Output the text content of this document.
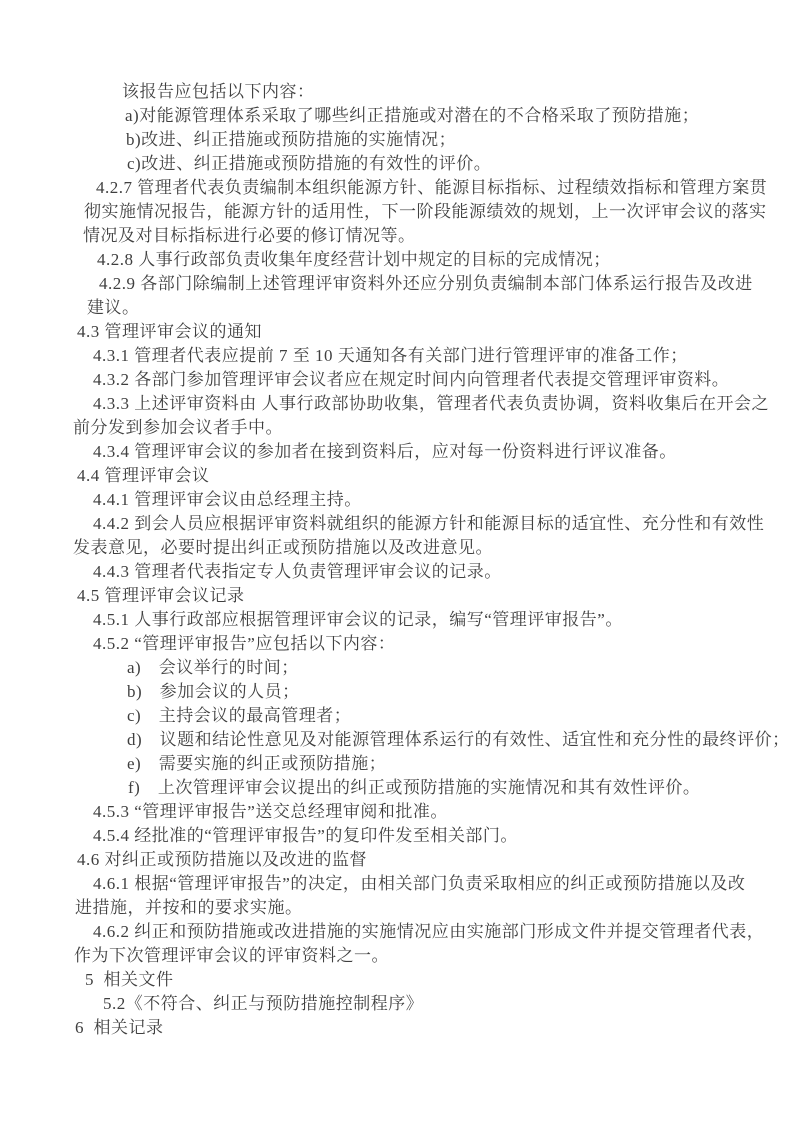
该报告应包括以下内容：
a)对能源管理体系采取了哪些纠正措施或对潜在的不合格采取了预防措施；
b)改进、纠正措施或预防措施的实施情况；
c)改进、纠正措施或预防措施的有效性的评价。
4.2.7 管理者代表负责编制本组织能源方针、能源目标指标、过程绩效指标和管理方案贯
彻实施情况报告，能源方针的适用性，下一阶段能源绩效的规划，上一次评审会议的落实
情况及对目标指标进行必要的修订情况等。
4.2.8 人事行政部负责收集年度经营计划中规定的目标的完成情况；
4.2.9 各部门除编制上述管理评审资料外还应分别负责编制本部门体系运行报告及改进
建议。
4.3 管理评审会议的通知
4.3.1 管理者代表应提前 7 至 10 天通知各有关部门进行管理评审的准备工作；
4.3.2 各部门参加管理评审会议者应在规定时间内向管理者代表提交管理评审资料。
4.3.3 上述评审资料由 人事行政部协助收集，管理者代表负责协调，资料收集后在开会之
前分发到参加会议者手中。
4.3.4 管理评审会议的参加者在接到资料后，应对每一份资料进行评议准备。
4.4 管理评审会议
4.4.1 管理评审会议由总经理主持。
4.4.2 到会人员应根据评审资料就组织的能源方针和能源目标的适宜性、充分性和有效性
发表意见，必要时提出纠正或预防措施以及改进意见。
4.4.3 管理者代表指定专人负责管理评审会议的记录。
4.5 管理评审会议记录
4.5.1 人事行政部应根据管理评审会议的记录，编写“管理评审报告”。
4.5.2 “管理评审报告”应包括以下内容：
a)　会议举行的时间；
b)　参加会议的人员；
c)　主持会议的最高管理者；
d)　议题和结论性意见及对能源管理体系运行的有效性、适宜性和充分性的最终评价；
e)　需要实施的纠正或预防措施；
f)　上次管理评审会议提出的纠正或预防措施的实施情况和其有效性评价。
4.5.3 “管理评审报告”送交总经理审阅和批准。
4.5.4 经批准的“管理评审报告”的复印件发至相关部门。
4.6 对纠正或预防措施以及改进的监督
4.6.1 根据“管理评审报告”的决定，由相关部门负责采取相应的纠正或预防措施以及改
进措施，并按和的要求实施。
4.6.2 纠正和预防措施或改进措施的实施情况应由实施部门形成文件并提交管理者代表，
作为下次管理评审会议的评审资料之一。
5  相关文件
5.2《不符合、纠正与预防措施控制程序》
6  相关记录
